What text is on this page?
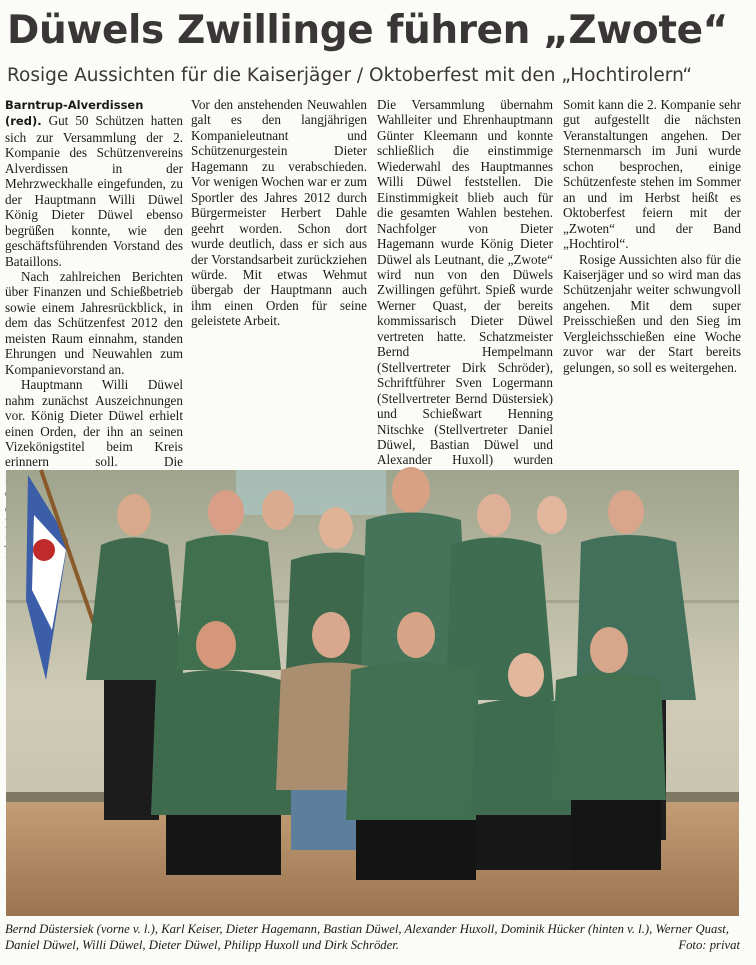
Düwels Zwillinge führen „Zwote“
Rosige Aussichten für die Kaiserjäger / Oktoberfest mit den „Hochtirolern“

Barntrup-Alverdissen (red). Gut 50 Schützen hatten sich zur Versammlung der 2. Kompanie des Schützenvereins Alverdissen in der Mehrzweckhalle eingefunden, zu der Hauptmann Willi Düwel König Dieter Düwel ebenso begrüßen konnte, wie den geschäftsführenden Vorstand des Bataillons.

Nach zahlreichen Berichten über Finanzen und Schießbetrieb sowie einem Jahresrückblick, in dem das Schützenfest 2012 den meisten Raum einnahm, standen Ehrungen und Neuwahlen zum Kompanievorstand an.

Hauptmann Willi Düwel nahm zunächst Auszeichnungen vor. König Dieter Düwel erhielt einen Orden, der ihn an seinen Vizekönigstitel beim Kreis erinnern soll. Die

Vor den anstehenden Neuwahlen galt es den langjährigen Kompanieleutnant und Schützenurgestein Dieter Hagemann zu verabschieden. Vor wenigen Wochen war er zum Sportler des Jahres 2012 durch Bürgermeister Herbert Dahle geehrt worden. Schon dort wurde deutlich, dass er sich aus der Vorstandsarbeit zurückziehen würde. Mit etwas Wehmut übergab der Hauptmann auch ihm einen Orden für seine geleistete Arbeit.

Die Versammlung übernahm Wahlleiter und Ehrenhauptmann Günter Kleemann und konnte schließlich die einstimmige Wiederwahl des Hauptmannes Willi Düwel feststellen. Die Einstimmigkeit blieb auch für die gesamten Wahlen bestehen. Nachfolger von Dieter Hagemann wurde König Dieter Düwel als Leutnant, die „Zwote“ wird nun von den Düwels Zwillingen geführt. Spieß wurde Werner Quast, der bereits kommissarisch Dieter Düwel vertreten hatte. Schatzmeister Bernd Hempelmann (Stellvertreter Dirk Schröder), Schriftführer Sven Logermann (Stellvertreter Bernd Düstersiek) und Schießwart Henning Nitschke (Stellvertreter Daniel Düwel, Bastian Düwel und Alexander Huxoll) wurden

Somit kann die 2. Kompanie sehr gut aufgestellt die nächsten Veranstaltungen angehen. Der Sternenmarsch im Juni wurde schon besprochen, einige Schützenfeste stehen im Sommer an und im Herbst heißt es Oktoberfest feiern mit der „Zwoten“ und der Band „Hochtirol“.

Rosige Aussichten also für die Kaiserjäger und so wird man das Schützenjahr weiter schwungvoll angehen. Mit dem super Preisschießen und den Sieg im Vergleichsschießen eine Woche zuvor war der Start bereits gelungen, so soll es weitergehen.

Bernd Düstersiek (vorne v. l.), Karl Keiser, Dieter Hagemann, Bastian Düwel, Alexander Huxoll, Dominik Hücker (hinten v. l.), Werner Quast, Daniel Düwel, Willi Düwel, Dieter Düwel, Philipp Huxoll und Dirk Schröder.	Foto: privat
